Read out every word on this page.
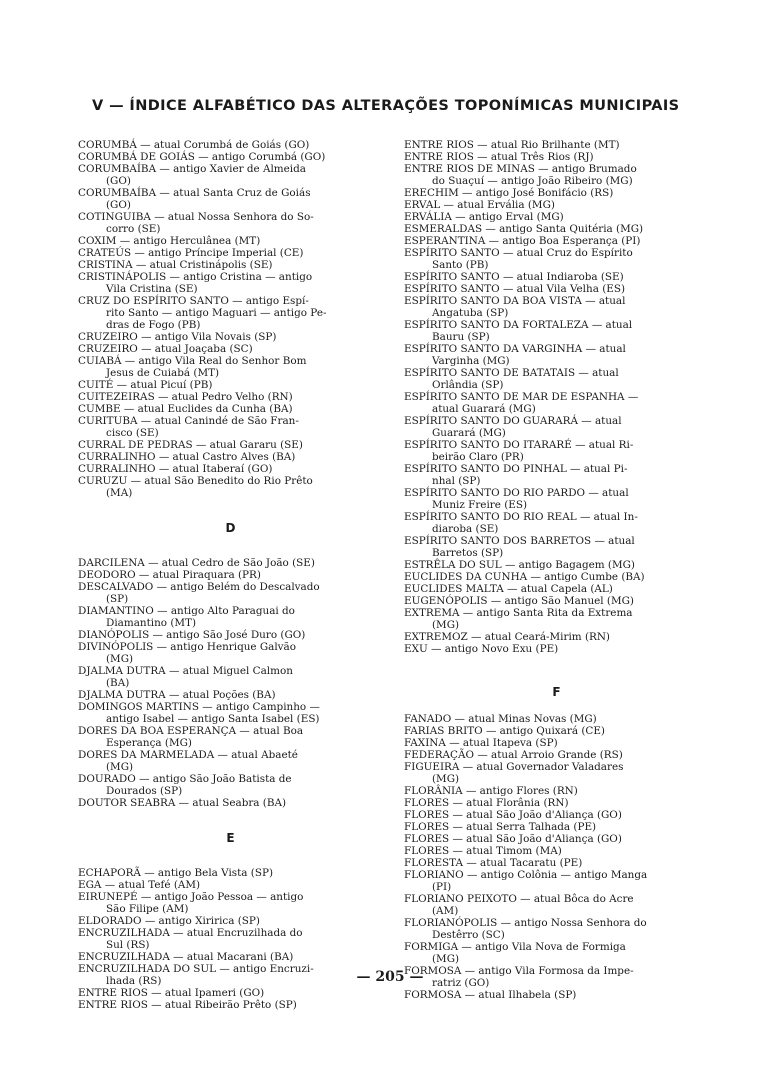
V — ÍNDICE ALFABÉTICO DAS ALTERAÇÕES TOPONÍMICAS MUNICIPAIS

CORUMBÁ — atual Corumbá de Goiás (GO)

CORUMBÁ DE GOIÁS — antigo Corumbá (GO)

CORUMBAÍBA — antigo Xavier de Almeida
(GO)

CORUMBAÍBA — atual Santa Cruz de Goiás
(GO)

COTINGUIBA — atual Nossa Senhora do So-
corro (SE)

COXIM — antigo Herculânea (MT)

CRATEÚS — antigo Príncipe Imperial (CE)

CRISTINA — atual Cristinápolis (SE)

CRISTINÁPOLIS — antigo Cristina — antigo
Vila Cristina (SE)

CRUZ DO ESPÍRITO SANTO — antigo Espí-
rito Santo — antigo Maguari — antigo Pe-
dras de Fogo (PB)

CRUZEIRO — antigo Vila Novais (SP)

CRUZEIRO — atual Joaçaba (SC)

CUIABÁ — antigo Vila Real do Senhor Bom
Jesus de Cuiabá (MT)

CUITÉ — atual Picuí (PB)

CUITEZEIRAS — atual Pedro Velho (RN)

CUMBE — atual Euclides da Cunha (BA)

CURITUBA — atual Canindé de São Fran-
cisco (SE)

CURRAL DE PEDRAS — atual Gararu (SE)

CURRALINHO — atual Castro Alves (BA)

CURRALINHO — atual Itaberaí (GO)

CURUZU — atual São Benedito do Rio Prêto
(MA)

D

DARCILENA — atual Cedro de São João (SE)

DEODORO — atual Piraquara (PR)

DESCALVADO — antigo Belém do Descalvado
(SP)

DIAMANTINO — antigo Alto Paraguai do
Diamantino (MT)

DIANÓPOLIS — antigo São José Duro (GO)

DIVINÓPOLIS — antigo Henrique Galvão
(MG)

DJALMA DUTRA — atual Miguel Calmon
(BA)

DJALMA DUTRA — atual Poções (BA)

DOMINGOS MARTINS — antigo Campinho —
antigo Isabel — antigo Santa Isabel (ES)

DORES DA BOA ESPERANÇA — atual Boa
Esperança (MG)

DORES DA MARMELADA — atual Abaeté
(MG)

DOURADO — antigo São João Batista de
Dourados (SP)

DOUTOR SEABRA — atual Seabra (BA)

E

ECHAPORÃ — antigo Bela Vista (SP)

EGA — atual Tefé (AM)

EIRUNEPÉ — antigo João Pessoa — antigo
São Filipe (AM)

ELDORADO — antigo Xiririca (SP)

ENCRUZILHADA — atual Encruzilhada do
Sul (RS)

ENCRUZILHADA — atual Macarani (BA)

ENCRUZILHADA DO SUL — antigo Encruzi-
lhada (RS)

ENTRE RIOS — atual Ipameri (GO)

ENTRE RIOS — atual Ribeirão Prêto (SP)

ENTRE RIOS — atual Rio Brilhante (MT)

ENTRE RIOS — atual Três Rios (RJ)

ENTRE RIOS DE MINAS — antigo Brumado
do Suaçuí — antigo João Ribeiro (MG)

ERECHIM — antigo José Bonifácio (RS)

ERVAL — atual Ervália (MG)

ERVÁLIA — antigo Erval (MG)

ESMERALDAS — antigo Santa Quitéria (MG)

ESPERANTINA — antigo Boa Esperança (PI)

ESPÍRITO SANTO — atual Cruz do Espírito
Santo (PB)

ESPÍRITO SANTO — atual Indiaroba (SE)

ESPÍRITO SANTO — atual Vila Velha (ES)

ESPÍRITO SANTO DA BOA VISTA — atual
Angatuba (SP)

ESPÍRITO SANTO DA FORTALEZA — atual
Bauru (SP)

ESPÍRITO SANTO DA VARGINHA — atual
Varginha (MG)

ESPÍRITO SANTO DE BATATAIS — atual
Orlândia (SP)

ESPÍRITO SANTO DE MAR DE ESPANHA —
atual Guarará (MG)

ESPÍRITO SANTO DO GUARARÁ — atual
Guarará (MG)

ESPÍRITO SANTO DO ITARARÉ — atual Ri-
beirão Claro (PR)

ESPÍRITO SANTO DO PINHAL — atual Pi-
nhal (SP)

ESPÍRITO SANTO DO RIO PARDO — atual
Muniz Freire (ES)

ESPÍRITO SANTO DO RIO REAL — atual In-
diaroba (SE)

ESPÍRITO SANTO DOS BARRETOS — atual
Barretos (SP)

ESTRÊLA DO SUL — antigo Bagagem (MG)

EUCLIDES DA CUNHA — antigo Cumbe (BA)

EUCLIDES MALTA — atual Capela (AL)

EUGENÓPOLIS — antigo São Manuel (MG)

EXTREMA — antigo Santa Rita da Extrema
(MG)

EXTREMOZ — atual Ceará-Mirim (RN)

EXU — antigo Novo Exu (PE)

F

FANADO — atual Minas Novas (MG)

FARIAS BRITO — antigo Quixará (CE)

FAXINA — atual Itapeva (SP)

FEDERAÇÃO — atual Arroio Grande (RS)

FIGUEIRA — atual Governador Valadares
(MG)

FLORÂNIA — antigo Flores (RN)

FLORES — atual Florânia (RN)

FLORES — atual São João d'Aliança (GO)

FLORES — atual Serra Talhada (PE)

FLORES — atual São João d'Aliança (GO)

FLORES — atual Timom (MA)

FLORESTA — atual Tacaratu (PE)

FLORIANO — antigo Colônia — antigo Manga
(PI)

FLORIANO PEIXOTO — atual Bôca do Acre
(AM)

FLORIANÓPOLIS — antigo Nossa Senhora do
Destêrro (SC)

FORMIGA — antigo Vila Nova de Formiga
(MG)

FORMOSA — antigo Vila Formosa da Impe-
ratriz (GO)

FORMOSA — atual Ilhabela (SP)

— 205 —
